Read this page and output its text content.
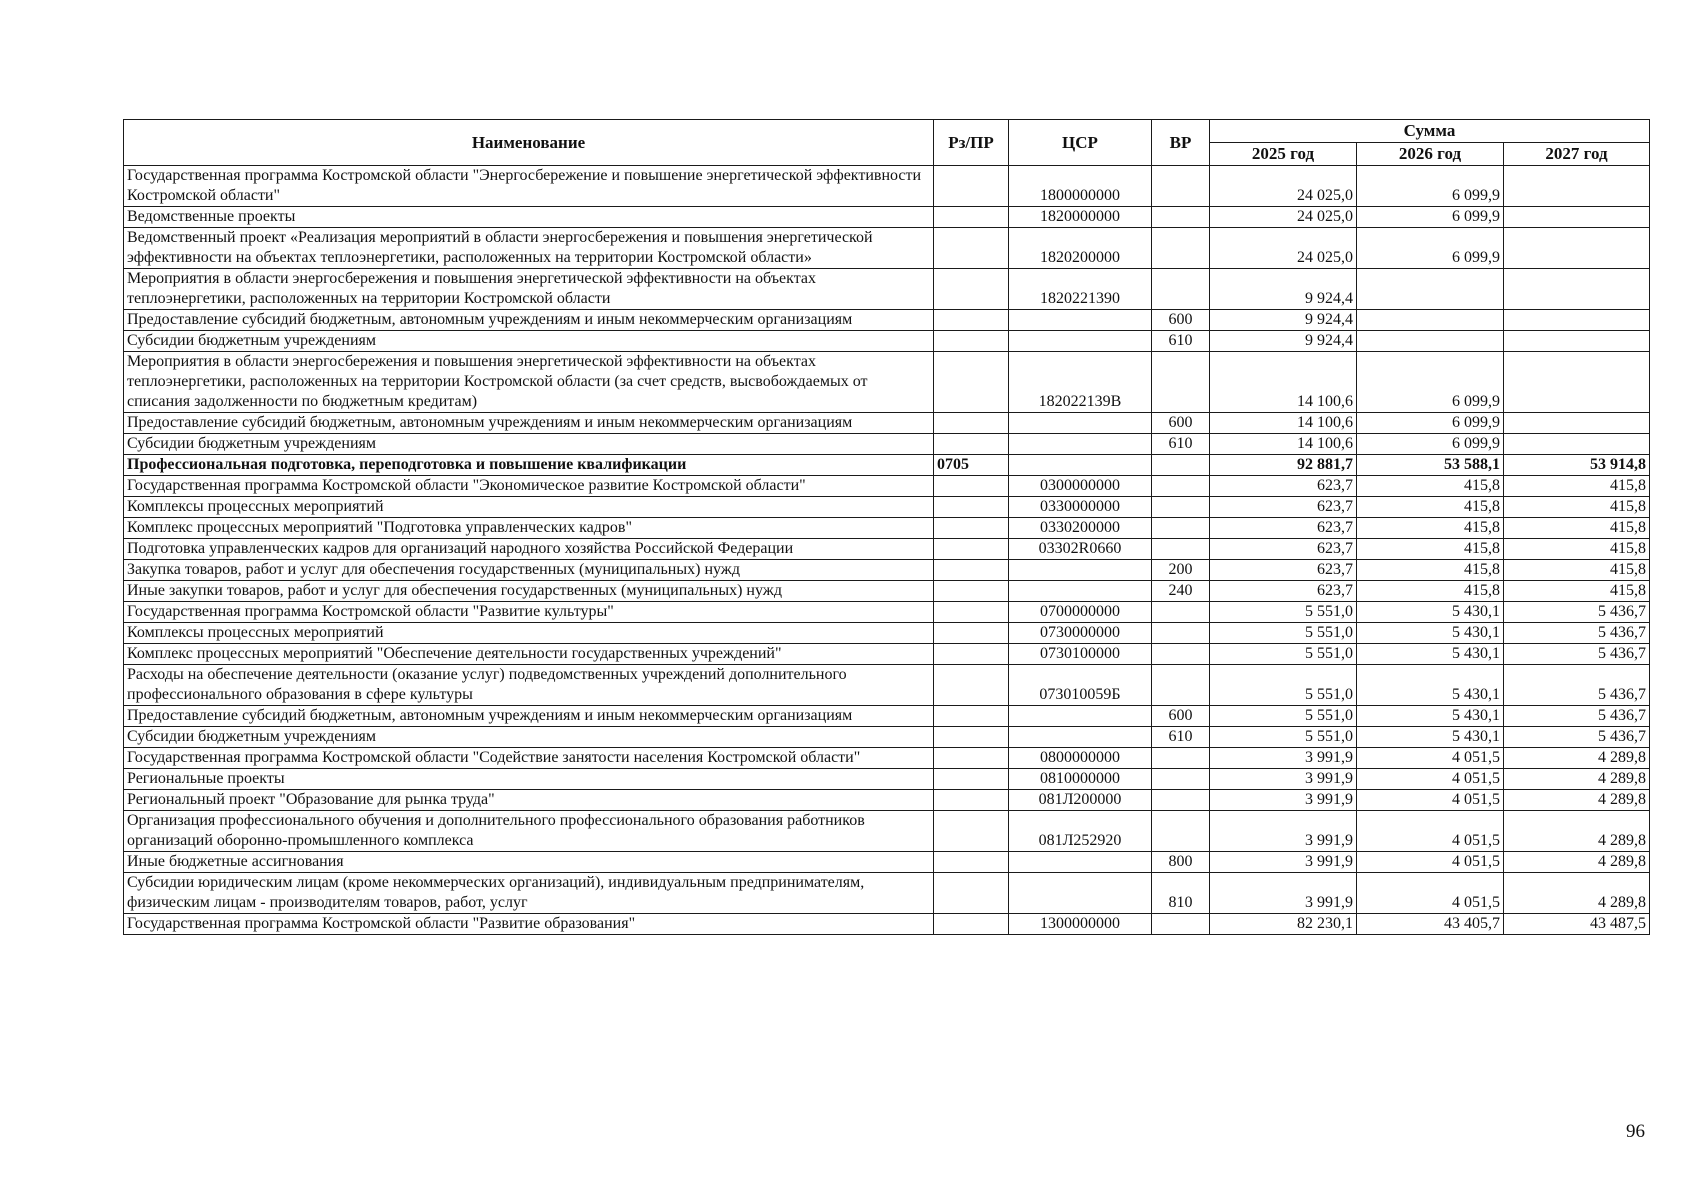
Наименование	Рз/ПР	ЦСР	ВР	Сумма		
				2025 год	2026 год	2027 год
Государственная программа Костромской области "Энергосбережение и повышение энергетической эффективности Костромской области"		1800000000		24 025,0	6 099,9	
Ведомственные проекты		1820000000		24 025,0	6 099,9	
Ведомственный проект «Реализация мероприятий в области энергосбережения и повышения энергетической эффективности на объектах теплоэнергетики, расположенных на территории Костромской области»		1820200000		24 025,0	6 099,9	
Мероприятия в области энергосбережения и повышения энергетической эффективности на объектах теплоэнергетики, расположенных на территории Костромской области		1820221390		9 924,4		
Предоставление субсидий бюджетным, автономным учреждениям и иным некоммерческим организациям			600	9 924,4		
Субсидии бюджетным учреждениям			610	9 924,4		
Мероприятия в области энергосбережения и повышения энергетической эффективности на объектах теплоэнергетики, расположенных на территории Костромской области (за счет средств, высвобождаемых от списания задолженности по бюджетным кредитам)		182022139В		14 100,6	6 099,9	
Предоставление субсидий бюджетным, автономным учреждениям и иным некоммерческим организациям			600	14 100,6	6 099,9	
Субсидии бюджетным учреждениям			610	14 100,6	6 099,9	
Профессиональная подготовка, переподготовка и повышение квалификации	0705			92 881,7	53 588,1	53 914,8
Государственная программа Костромской области "Экономическое развитие Костромской области"		0300000000		623,7	415,8	415,8
Комплексы процессных мероприятий		0330000000		623,7	415,8	415,8
Комплекс процессных мероприятий "Подготовка управленческих кадров"		0330200000		623,7	415,8	415,8
Подготовка управленческих кадров для организаций народного хозяйства Российской Федерации		03302R0660		623,7	415,8	415,8
Закупка товаров, работ и услуг для обеспечения государственных (муниципальных) нужд			200	623,7	415,8	415,8
Иные закупки товаров, работ и услуг для обеспечения государственных (муниципальных) нужд			240	623,7	415,8	415,8
Государственная программа Костромской области "Развитие культуры"		0700000000		5 551,0	5 430,1	5 436,7
Комплексы процессных мероприятий		0730000000		5 551,0	5 430,1	5 436,7
Комплекс процессных мероприятий "Обеспечение деятельности государственных учреждений"		0730100000		5 551,0	5 430,1	5 436,7
Расходы на обеспечение деятельности (оказание услуг) подведомственных учреждений дополнительного профессионального образования в сфере культуры		073010059Б		5 551,0	5 430,1	5 436,7
Предоставление субсидий бюджетным, автономным учреждениям и иным некоммерческим организациям			600	5 551,0	5 430,1	5 436,7
Субсидии бюджетным учреждениям			610	5 551,0	5 430,1	5 436,7
Государственная программа Костромской области "Содействие занятости населения Костромской области"		0800000000		3 991,9	4 051,5	4 289,8
Региональные проекты		0810000000		3 991,9	4 051,5	4 289,8
Региональный проект "Образование для рынка труда"		081Л200000		3 991,9	4 051,5	4 289,8
Организация профессионального обучения и дополнительного профессионального образования работников организаций оборонно-промышленного комплекса		081Л252920		3 991,9	4 051,5	4 289,8
Иные бюджетные ассигнования			800	3 991,9	4 051,5	4 289,8
Субсидии юридическим лицам (кроме некоммерческих организаций), индивидуальным предпринимателям, физическим лицам - производителям товаров, работ, услуг			810	3 991,9	4 051,5	4 289,8
Государственная программа Костромской области "Развитие образования"		1300000000		82 230,1	43 405,7	43 487,5
96
